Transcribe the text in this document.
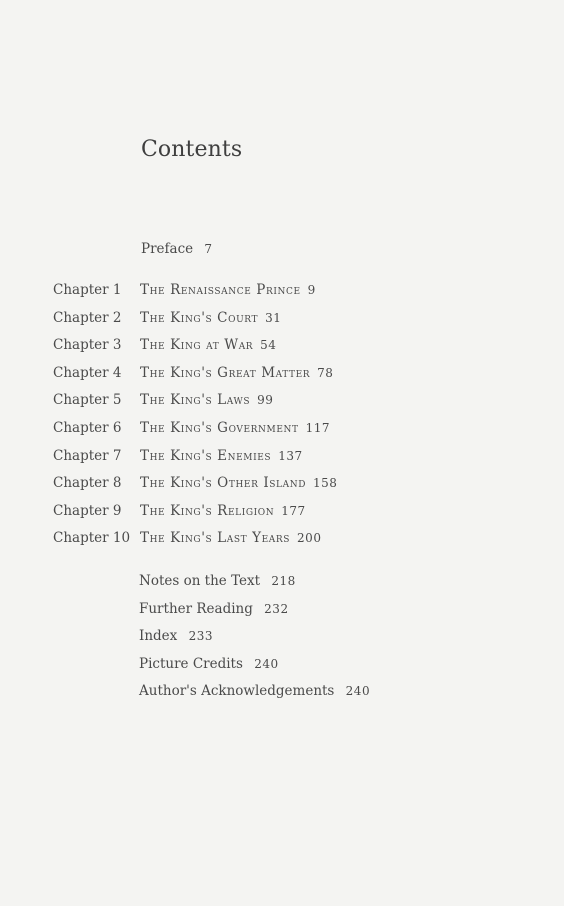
Contents
Preface 7
Chapter 1	The Renaissance Prince 9
Chapter 2	The King's Court 31
Chapter 3	The King at War 54
Chapter 4	The King's Great Matter 78
Chapter 5	The King's Laws 99
Chapter 6	The King's Government 117
Chapter 7	The King's Enemies 137
Chapter 8	The King's Other Island 158
Chapter 9	The King's Religion 177
Chapter 10 The King's Last Years 200
Notes on the Text 218
Further Reading 232
Index 233
Picture Credits 240
Author's Acknowledgements 240
